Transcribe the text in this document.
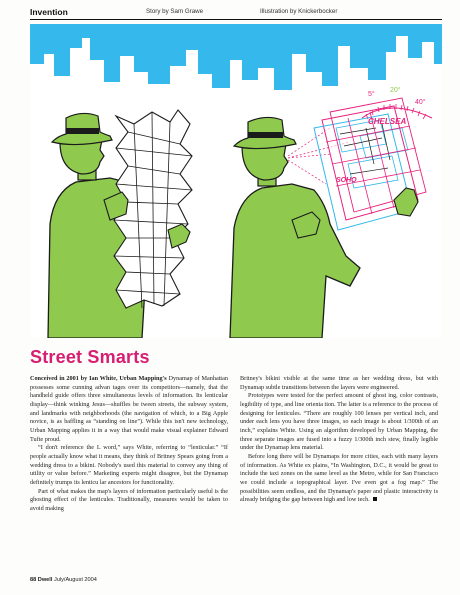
Invention	Story by Sam Grawe	Illustration by Knickerbocker
CHELSEA
SOHO
5°
20°
40°
Street Smarts

Conceived in 2001 by Ian White, Urban Mapping's Dynamap of Manhattan possesses some cunning advan tages over its competitors—namely, that the handheld guide offers three simultaneous levels of information. Its lenticular display—think winking Jesus—shuffles be tween streets, the subway system, and landmarks with neighborhoods (the navigation of which, to a Big Apple novice, is as baffling as “standing on line”). While this isn't new technology, Urban Mapping applies it in a way that would make visual explainer Edward Tufte proud.

“I don't reference the L word,” says White, referring to “lenticular.” “If people actually know what it means, they think of Britney Spears going from a wedding dress to a bikini. Nobody's used this material to convey any thing of utility or value before.” Marketing experts might disagree, but the Dynamap definitely trumps its lenticu lar ancestors for functionality.

Part of what makes the map's layers of information particularly useful is the ghosting effect of the lenticules. Traditionally, measures would be taken to avoid making

Britney's bikini visible at the same time as her wedding dress, but with Dynamap subtle transitions between the layers were engineered.

Prototypes were tested for the perfect amount of ghost ing, color contrasts, legibility of type, and line orienta tion. The latter is a reference to the process of designing for lenticules. “There are roughly 100 lenses per vertical inch, and under each lens you have three images, so each image is about 1/300th of an inch,” explains White. Using an algorithm developed by Urban Mapping, the three separate images are fused into a fuzzy 1/300th inch stew, finally legible under the Dynamap lens material.

Before long there will be Dynamaps for more cities, each with many layers of information. As White ex plains, “In Washington, D.C., it would be great to include the taxi zones on the same level as the Metro, while for San Francisco we could include a topographical layer. I've even got a fog map.” The possibilities seem endless, and the Dynamap's paper and plastic interactivity is already bridging the gap between high and low tech.

88 Dwell July/August 2004
